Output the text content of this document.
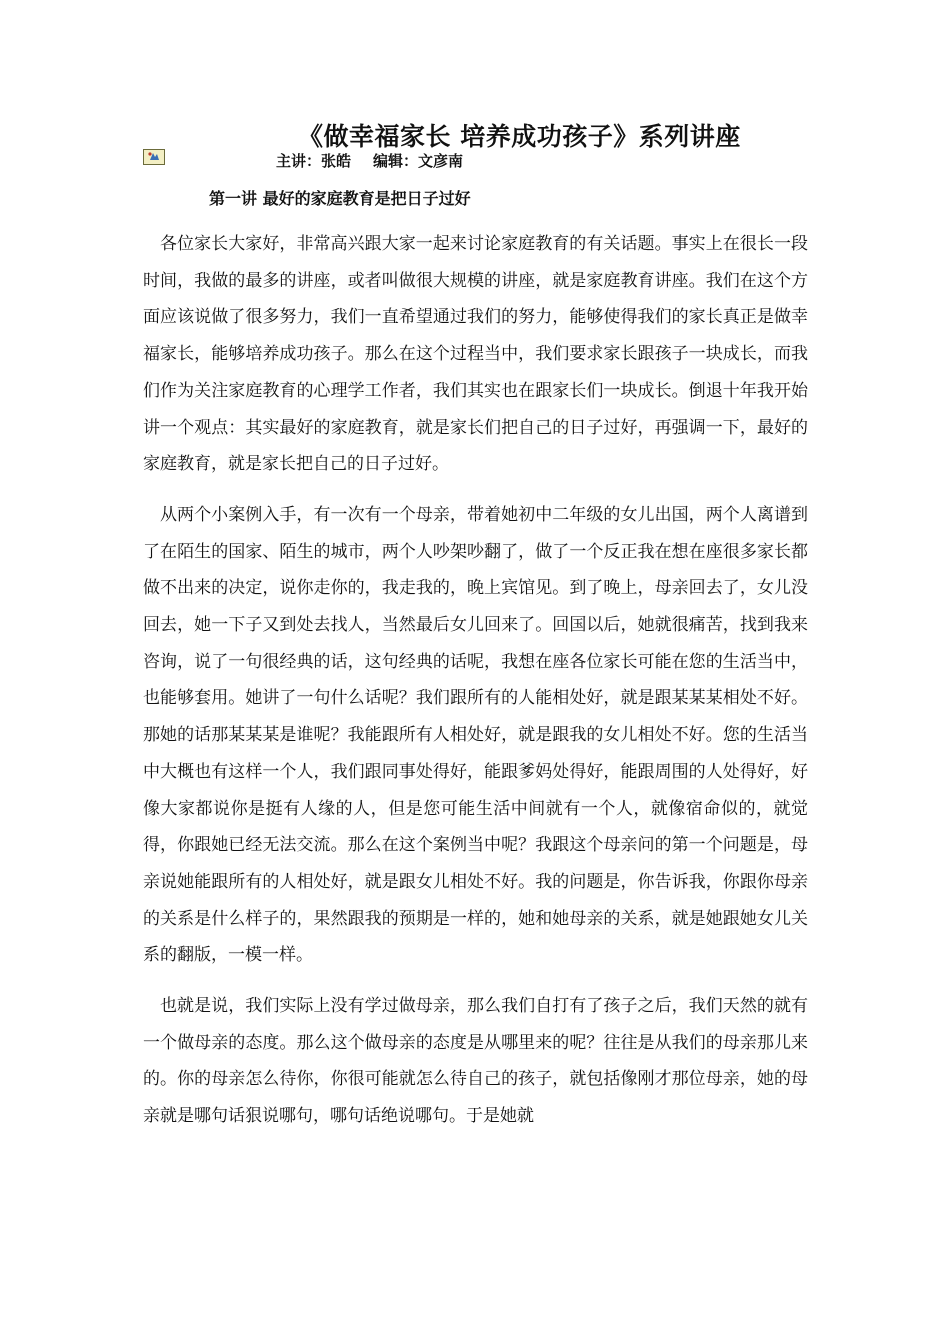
《做幸福家长 培养成功孩子》系列讲座
主讲：张皓 编辑：文彦南
第一讲 最好的家庭教育是把日子过好

各位家长大家好，非常高兴跟大家一起来讨论家庭教育的有关话题。事实上在很长一段时间，我做的最多的讲座，或者叫做很大规模的讲座，就是家庭教育讲座。我们在这个方面应该说做了很多努力，我们一直希望通过我们的努力，能够使得我们的家长真正是做幸福家长，能够培养成功孩子。那么在这个过程当中，我们要求家长跟孩子一块成长，而我们作为关注家庭教育的心理学工作者，我们其实也在跟家长们一块成长。倒退十年我开始讲一个观点：其实最好的家庭教育，就是家长们把自己的日子过好，再强调一下，最好的家庭教育，就是家长把自己的日子过好。

从两个小案例入手，有一次有一个母亲，带着她初中二年级的女儿出国，两个人离谱到了在陌生的国家、陌生的城市，两个人吵架吵翻了，做了一个反正我在想在座很多家长都做不出来的决定，说你走你的，我走我的，晚上宾馆见。到了晚上，母亲回去了，女儿没回去，她一下子又到处去找人，当然最后女儿回来了。回国以后，她就很痛苦，找到我来咨询，说了一句很经典的话，这句经典的话呢，我想在座各位家长可能在您的生活当中，也能够套用。她讲了一句什么话呢？我们跟所有的人能相处好，就是跟某某某相处不好。那她的话那某某某是谁呢？我能跟所有人相处好，就是跟我的女儿相处不好。您的生活当中大概也有这样一个人，我们跟同事处得好，能跟爹妈处得好，能跟周围的人处得好，好像大家都说你是挺有人缘的人，但是您可能生活中间就有一个人，就像宿命似的，就觉得，你跟她已经无法交流。那么在这个案例当中呢？我跟这个母亲问的第一个问题是，母亲说她能跟所有的人相处好，就是跟女儿相处不好。我的问题是，你告诉我，你跟你母亲的关系是什么样子的，果然跟我的预期是一样的，她和她母亲的关系，就是她跟她女儿关系的翻版，一模一样。

也就是说，我们实际上没有学过做母亲，那么我们自打有了孩子之后，我们天然的就有一个做母亲的态度。那么这个做母亲的态度是从哪里来的呢？往往是从我们的母亲那儿来的。你的母亲怎么待你，你很可能就怎么待自己的孩子，就包括像刚才那位母亲，她的母亲就是哪句话狠说哪句，哪句话绝说哪句。于是她就
